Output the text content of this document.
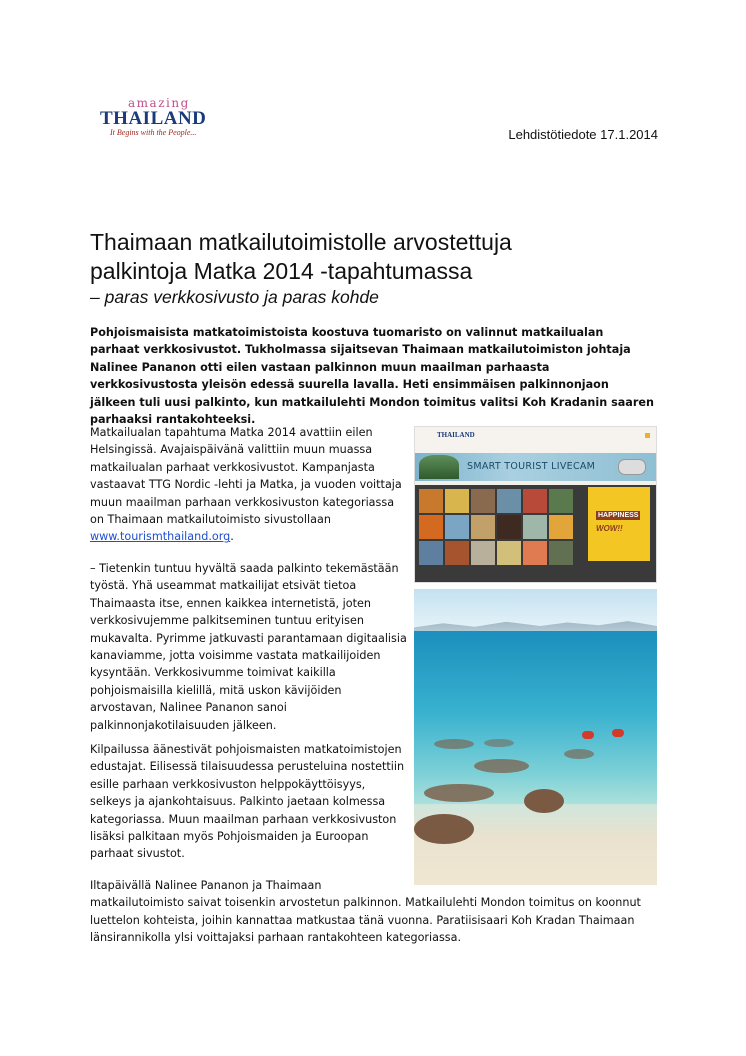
amazing
THAILAND
It Begins with the People...	Lehdistötiedote 17.1.2014
Thaimaan matkailutoimistolle arvostettuja
palkintoja Matka 2014 -tapahtumassa
– paras verkkosivusto ja paras kohde

Pohjoismaisista matkatoimistoista koostuva tuomaristo on valinnut matkailualan parhaat verkkosivustot. Tukholmassa sijaitsevan Thaimaan matkailutoimiston johtaja Nalinee Pananon otti eilen vastaan palkinnon muun maailman parhaasta verkkosivustosta yleisön edessä suurella lavalla. Heti ensimmäisen palkinnonjaon jälkeen tuli uusi palkinto, kun matkailulehti Mondon toimitus valitsi Koh Kradanin saaren parhaaksi rantakohteeksi.

Matkailualan tapahtuma Matka 2014 avattiin eilen Helsingissä. Avajaispäivänä valittiin muun muassa matkailualan parhaat verkkosivustot. Kampanjasta vastaavat TTG Nordic -lehti ja Matka, ja vuoden voittaja muun maailman parhaan verkkosivuston kategoriassa on Thaimaan matkailutoimisto sivustollaan
www.tourismthailand.org.

– Tietenkin tuntuu hyvältä saada palkinto tekemästään työstä. Yhä useammat matkailijat etsivät tietoa Thaimaasta itse, ennen kaikkea internetistä, joten verkkosivujemme palkitseminen tuntuu erityisen mukavalta. Pyrimme jatkuvasti parantamaan digitaalisia kanaviamme, jotta voisimme vastata matkailijoiden kysyntään. Verkkosivumme toimivat kaikilla pohjoismaisilla kielillä, mitä uskon kävijöiden arvostavan, Nalinee Pananon sanoi palkinnonjakotilaisuuden jälkeen.

Kilpailussa äänestivät pohjoismaisten matkatoimistojen edustajat. Eilisessä tilaisuudessa perusteluina nostettiin esille parhaan verkkosivuston helppokäyttöisyys, selkeys ja ajankohtaisuus. Palkinto jaetaan kolmessa kategoriassa. Muun maailman parhaan verkkosivuston lisäksi palkitaan myös Pohjoismaiden ja Euroopan parhaat sivustot.

Iltapäivällä Nalinee Pananon ja Thaimaan
matkailutoimisto saivat toisenkin arvostetun palkinnon. Matkailulehti Mondon toimitus on koonnut luettelon kohteista, joihin kannattaa matkustaa tänä vuonna. Paratiisisaari Koh Kradan Thaimaan länsirannikolla ylsi voittajaksi parhaan rantakohteen kategoriassa.

THAILAND
SMART TOURIST LIVECAM
HAPPINESS
WOW!!
